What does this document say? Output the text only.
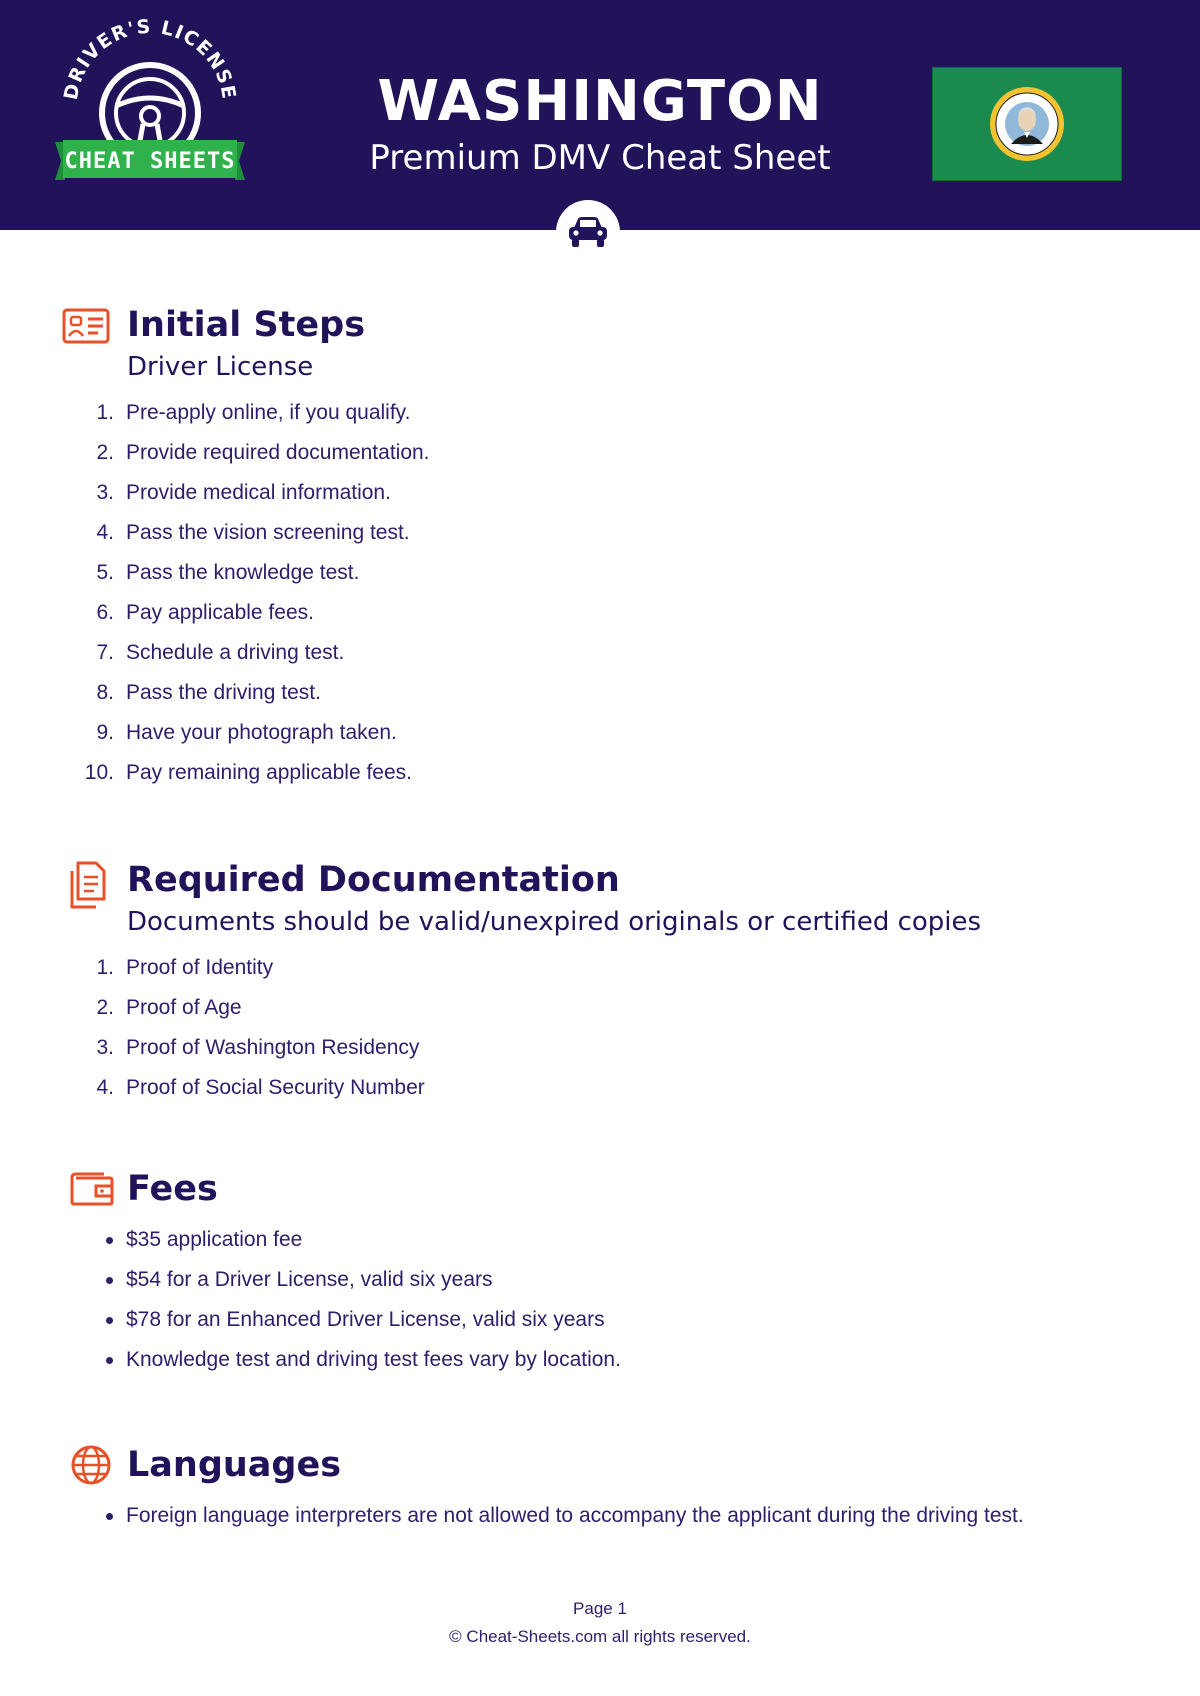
DRIVER'S LICENSE
CHEAT SHEETS
WASHINGTON
Premium DMV Cheat Sheet
Initial Steps
Driver License
1. Pre-apply online, if you qualify.
2. Provide required documentation.
3. Provide medical information.
4. Pass the vision screening test.
5. Pass the knowledge test.
6. Pay applicable fees.
7. Schedule a driving test.
8. Pass the driving test.
9. Have your photograph taken.
10. Pay remaining applicable fees.
Required Documentation
Documents should be valid/unexpired originals or certified copies
1. Proof of Identity
2. Proof of Age
3. Proof of Washington Residency
4. Proof of Social Security Number
Fees
$35 application fee
$54 for a Driver License, valid six years
$78 for an Enhanced Driver License, valid six years
Knowledge test and driving test fees vary by location.
Languages
Foreign language interpreters are not allowed to accompany the applicant during the driving test.
Page 1
© Cheat-Sheets.com all rights reserved.
